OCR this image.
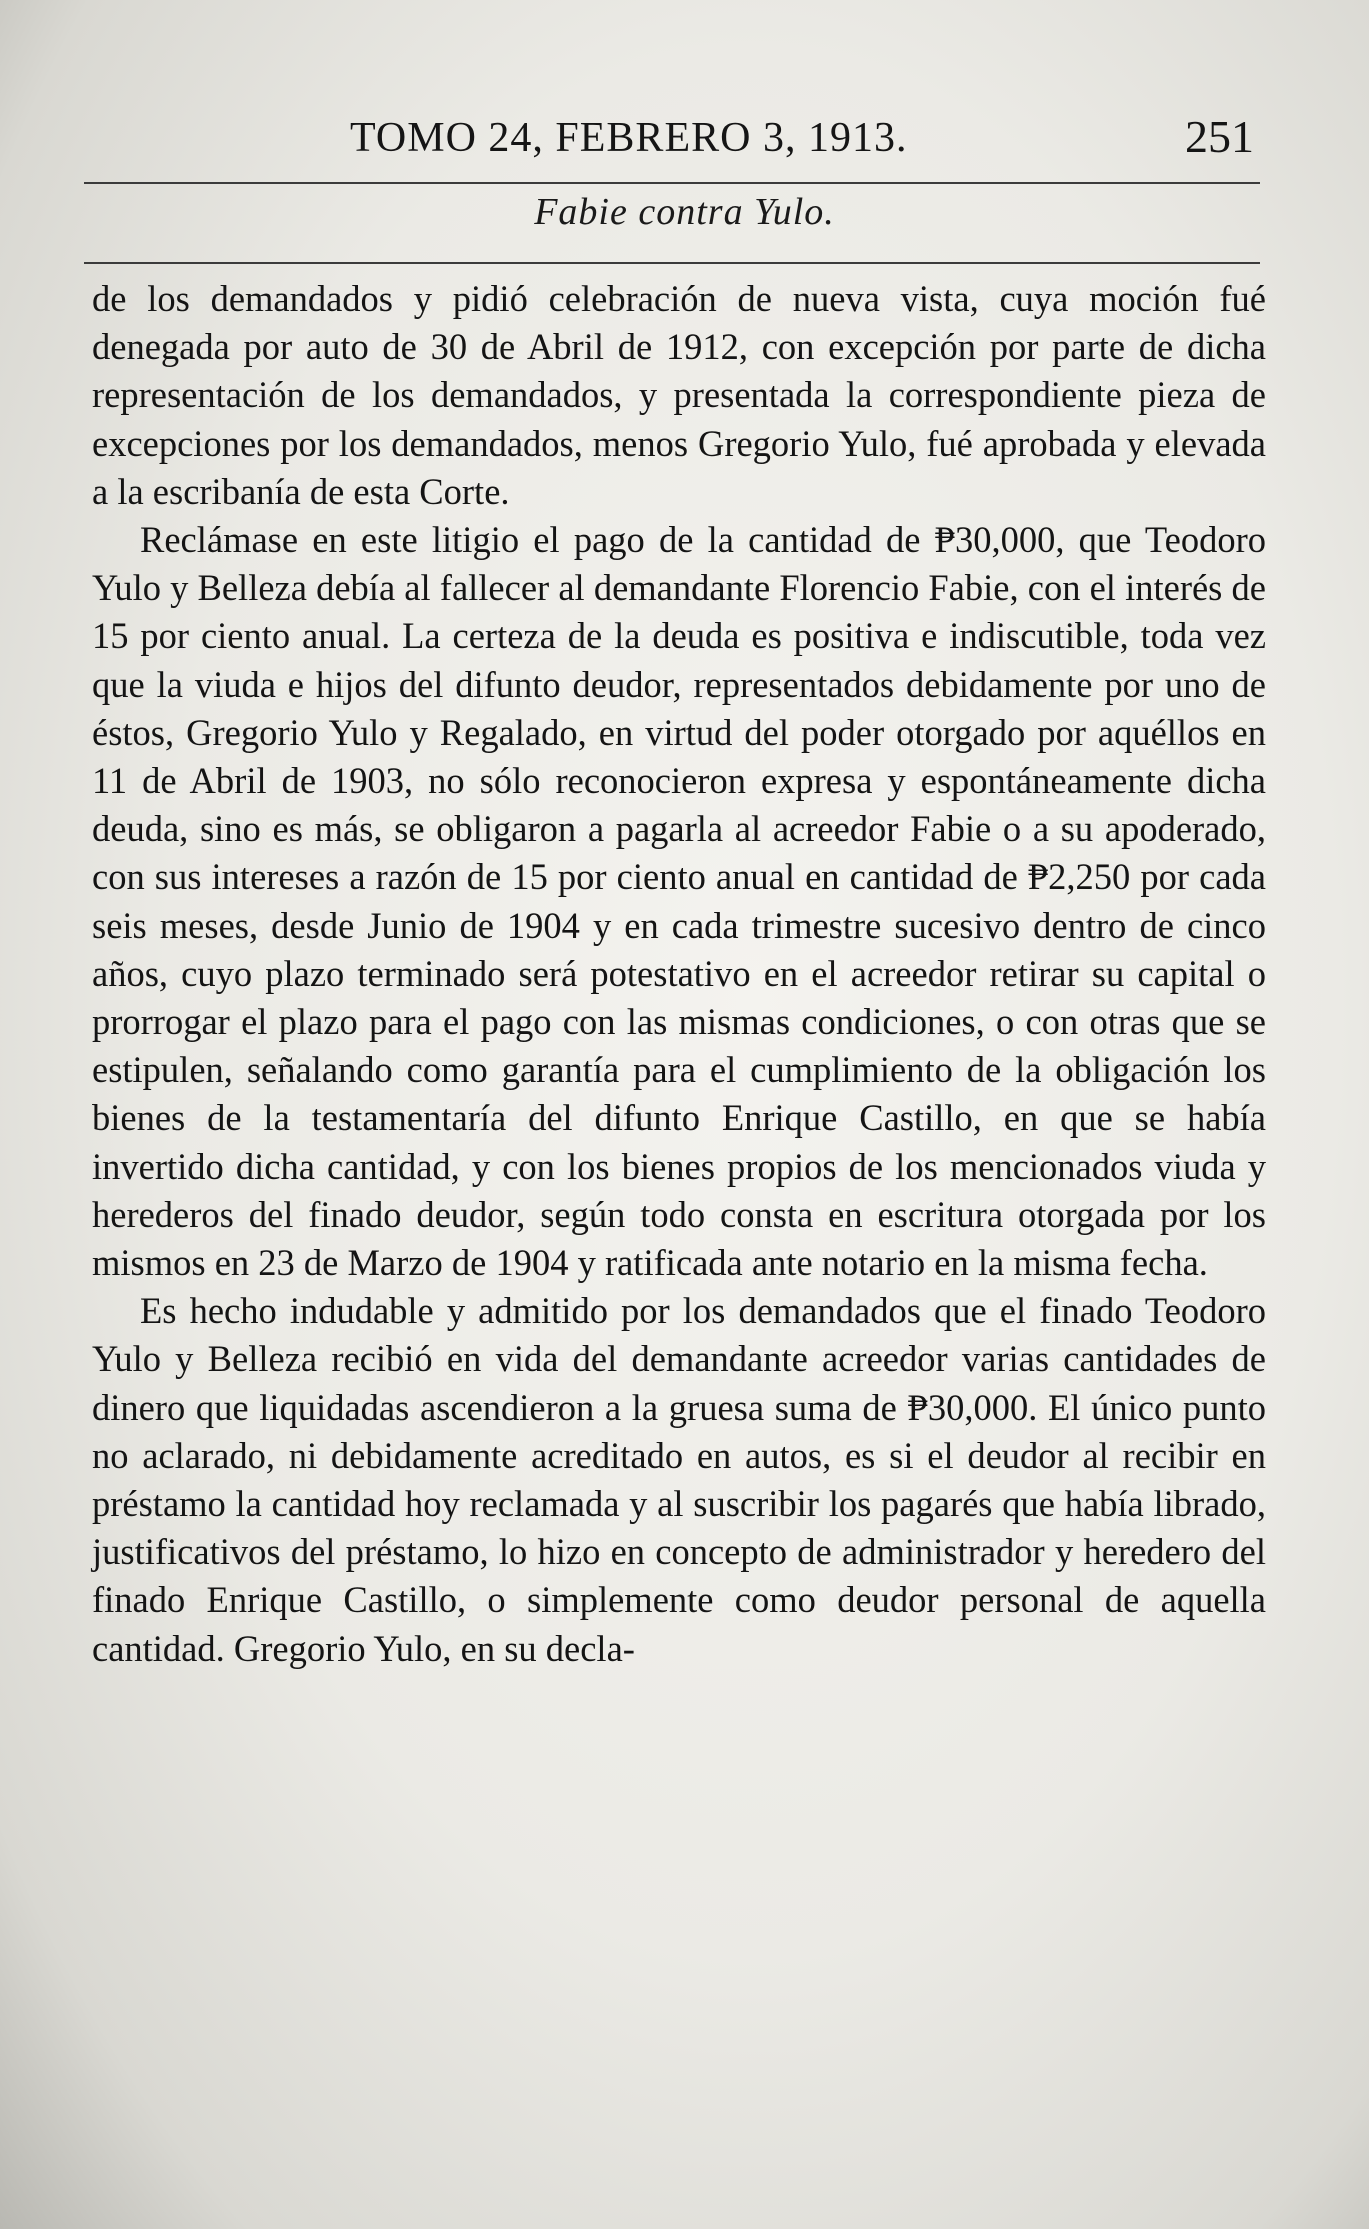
TOMO 24, FEBRERO 3, 1913.	251
Fabie contra Yulo.

de los demandados y pidió celebración de nueva vista, cuya moción fué denegada por auto de 30 de Abril de 1912, con excepción por parte de dicha representación de los demandados, y presentada la correspondiente pieza de excepciones por los demandados, menos Gregorio Yulo, fué aprobada y elevada a la escribanía de esta Corte.

Reclámase en este litigio el pago de la cantidad de ₱30,000, que Teodoro Yulo y Belleza debía al fallecer al demandante Florencio Fabie, con el interés de 15 por ciento anual. La certeza de la deuda es positiva e indiscutible, toda vez que la viuda e hijos del difunto deudor, representados debidamente por uno de éstos, Gregorio Yulo y Regalado, en virtud del poder otorgado por aquéllos en 11 de Abril de 1903, no sólo reconocieron expresa y espontáneamente dicha deuda, sino es más, se obligaron a pagarla al acreedor Fabie o a su apoderado, con sus intereses a razón de 15 por ciento anual en cantidad de ₱2,250 por cada seis meses, desde Junio de 1904 y en cada trimestre sucesivo dentro de cinco años, cuyo plazo terminado será potestativo en el acreedor retirar su capital o prorrogar el plazo para el pago con las mismas condiciones, o con otras que se estipulen, señalando como garantía para el cumplimiento de la obligación los bienes de la testamentaría del difunto Enrique Castillo, en que se había invertido dicha cantidad, y con los bienes propios de los mencionados viuda y herederos del finado deudor, según todo consta en escritura otorgada por los mismos en 23 de Marzo de 1904 y ratificada ante notario en la misma fecha.

Es hecho indudable y admitido por los demandados que el finado Teodoro Yulo y Belleza recibió en vida del demandante acreedor varias cantidades de dinero que liquidadas ascendieron a la gruesa suma de ₱30,000. El único punto no aclarado, ni debidamente acreditado en autos, es si el deudor al recibir en préstamo la cantidad hoy reclamada y al suscribir los pagarés que había librado, justificativos del préstamo, lo hizo en concepto de administrador y heredero del finado Enrique Castillo, o simplemente como deudor personal de aquella cantidad. Gregorio Yulo, en su decla-
